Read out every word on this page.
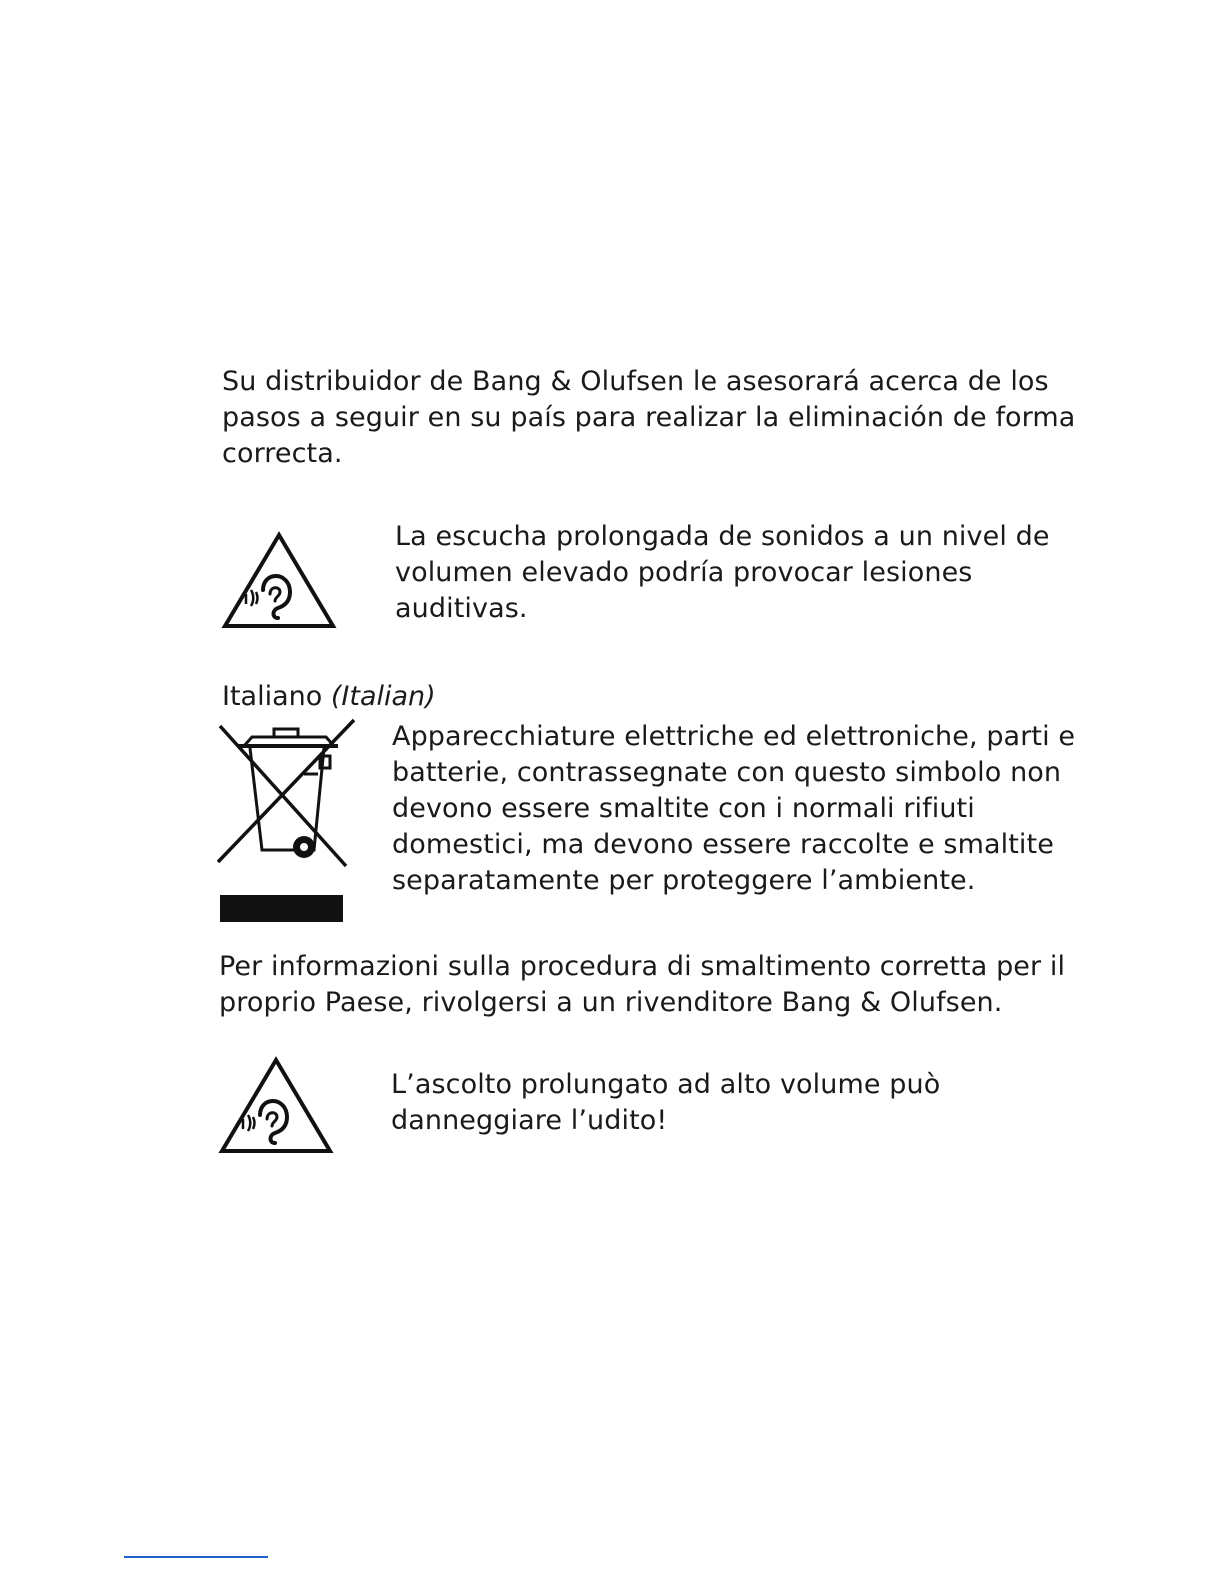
Su distribuidor de Bang & Olufsen le asesorará acerca de los
pasos a seguir en su país para realizar la eliminación de forma
correcta.
La escucha prolongada de sonidos a un nivel de
volumen elevado podría provocar lesiones
auditivas.
Italiano (Italian)
Apparecchiature elettriche ed elettroniche, parti e
batterie, contrassegnate con questo simbolo non
devono essere smaltite con i normali rifiuti
domestici, ma devono essere raccolte e smaltite
separatamente per proteggere l’ambiente.
Per informazioni sulla procedura di smaltimento corretta per il
proprio Paese, rivolgersi a un rivenditore Bang & Olufsen.
L’ascolto prolungato ad alto volume può
danneggiare l’udito!
